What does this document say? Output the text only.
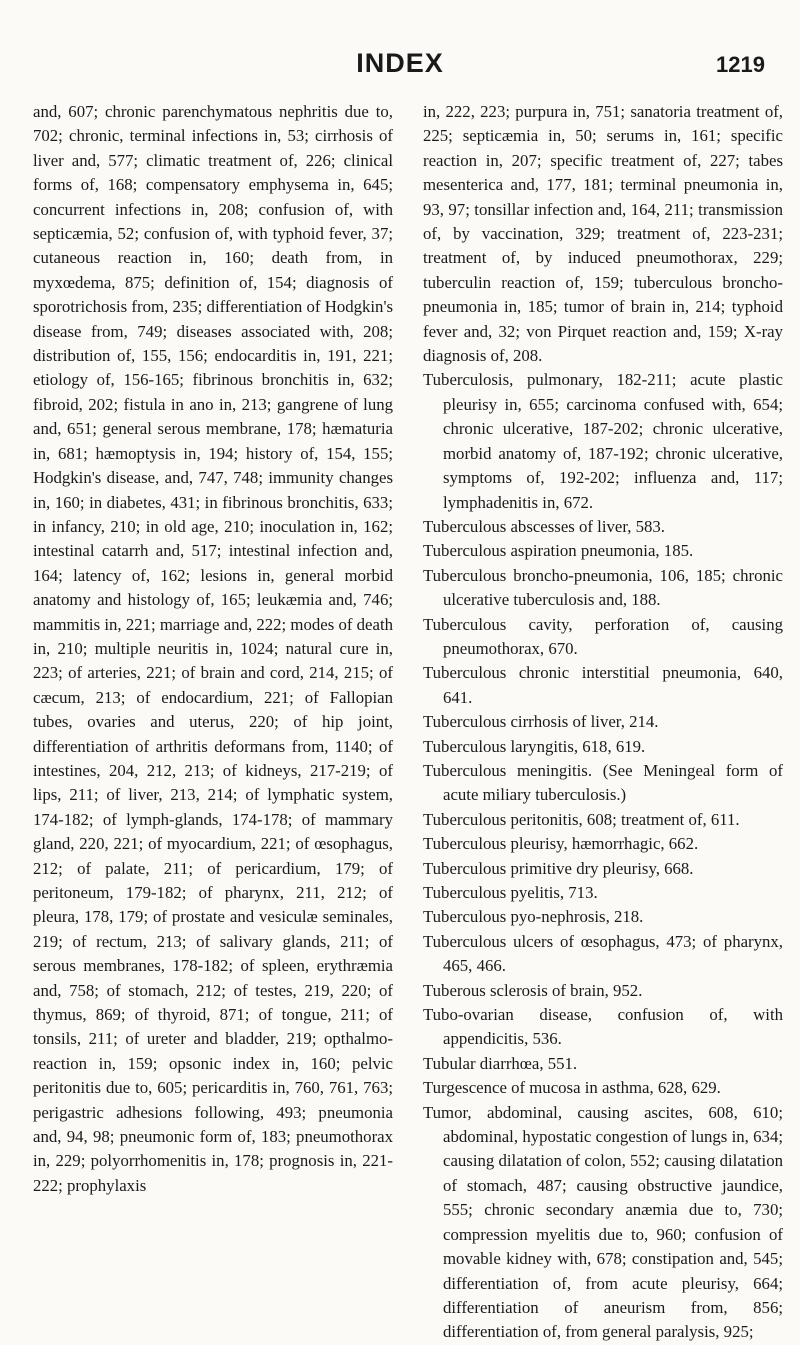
INDEX	1219

and, 607; chronic parenchymatous nephritis due to, 702; chronic, terminal infections in, 53; cirrhosis of liver and, 577; climatic treatment of, 226; clinical forms of, 168; compensatory emphysema in, 645; concurrent infections in, 208; confusion of, with septicæmia, 52; confusion of, with typhoid fever, 37; cutaneous reaction in, 160; death from, in myxœdema, 875; definition of, 154; diagnosis of sporotrichosis from, 235; differentiation of Hodgkin's disease from, 749; diseases associated with, 208; distribution of, 155, 156; endocarditis in, 191, 221; etiology of, 156-165; fibrinous bronchitis in, 632; fibroid, 202; fistula in ano in, 213; gangrene of lung and, 651; general serous membrane, 178; hæmaturia in, 681; hæmoptysis in, 194; history of, 154, 155; Hodgkin's disease, and, 747, 748; immunity changes in, 160; in diabetes, 431; in fibrinous bronchitis, 633; in infancy, 210; in old age, 210; inoculation in, 162; intestinal catarrh and, 517; intestinal infection and, 164; latency of, 162; lesions in, general morbid anatomy and histology of, 165; leukæmia and, 746; mammitis in, 221; marriage and, 222; modes of death in, 210; multiple neuritis in, 1024; natural cure in, 223; of arteries, 221; of brain and cord, 214, 215; of cæcum, 213; of endocardium, 221; of Fallopian tubes, ovaries and uterus, 220; of hip joint, differentiation of arthritis deformans from, 1140; of intestines, 204, 212, 213; of kidneys, 217-219; of lips, 211; of liver, 213, 214; of lymphatic system, 174-182; of lymph-glands, 174-178; of mammary gland, 220, 221; of myocardium, 221; of œsophagus, 212; of palate, 211; of pericardium, 179; of peritoneum, 179-182; of pharynx, 211, 212; of pleura, 178, 179; of prostate and vesiculæ seminales, 219; of rectum, 213; of salivary glands, 211; of serous membranes, 178-182; of spleen, erythræmia and, 758; of stomach, 212; of testes, 219, 220; of thymus, 869; of thyroid, 871; of tongue, 211; of tonsils, 211; of ureter and bladder, 219; opthalmo-reaction in, 159; opsonic index in, 160; pelvic peritonitis due to, 605; pericarditis in, 760, 761, 763; perigastric adhesions following, 493; pneumonia and, 94, 98; pneumonic form of, 183; pneumothorax in, 229; polyorrhomenitis in, 178; prognosis in, 221-222; prophylaxis

in, 222, 223; purpura in, 751; sanatoria treatment of, 225; septicæmia in, 50; serums in, 161; specific reaction in, 207; specific treatment of, 227; tabes mesenterica and, 177, 181; terminal pneumonia in, 93, 97; tonsillar infection and, 164, 211; transmission of, by vaccination, 329; treatment of, 223-231; treatment of, by induced pneumothorax, 229; tuberculin reaction of, 159; tuberculous broncho-pneumonia in, 185; tumor of brain in, 214; typhoid fever and, 32; von Pirquet reaction and, 159; X-ray diagnosis of, 208.

Tuberculosis, pulmonary, 182-211; acute plastic pleurisy in, 655; carcinoma confused with, 654; chronic ulcerative, 187-202; chronic ulcerative, morbid anatomy of, 187-192; chronic ulcerative, symptoms of, 192-202; influenza and, 117; lymphadenitis in, 672.

Tuberculous abscesses of liver, 583.

Tuberculous aspiration pneumonia, 185.

Tuberculous broncho-pneumonia, 106, 185; chronic ulcerative tuberculosis and, 188.

Tuberculous cavity, perforation of, causing pneumothorax, 670.

Tuberculous chronic interstitial pneumonia, 640, 641.

Tuberculous cirrhosis of liver, 214.

Tuberculous laryngitis, 618, 619.

Tuberculous meningitis. (See Meningeal form of acute miliary tuberculosis.)

Tuberculous peritonitis, 608; treatment of, 611.

Tuberculous pleurisy, hæmorrhagic, 662.

Tuberculous primitive dry pleurisy, 668.

Tuberculous pyelitis, 713.

Tuberculous pyo-nephrosis, 218.

Tuberculous ulcers of œsophagus, 473; of pharynx, 465, 466.

Tuberous sclerosis of brain, 952.

Tubo-ovarian disease, confusion of, with appendicitis, 536.

Tubular diarrhœa, 551.

Turgescence of mucosa in asthma, 628, 629.

Tumor, abdominal, causing ascites, 608, 610; abdominal, hypostatic congestion of lungs in, 634; causing dilatation of colon, 552; causing dilatation of stomach, 487; causing obstructive jaundice, 555; chronic secondary anæmia due to, 730; compression myelitis due to, 960; confusion of movable kidney with, 678; constipation and, 545; differentiation of, from acute pleurisy, 664; differentiation of aneurism from, 856; differentiation of, from general paralysis, 925;
